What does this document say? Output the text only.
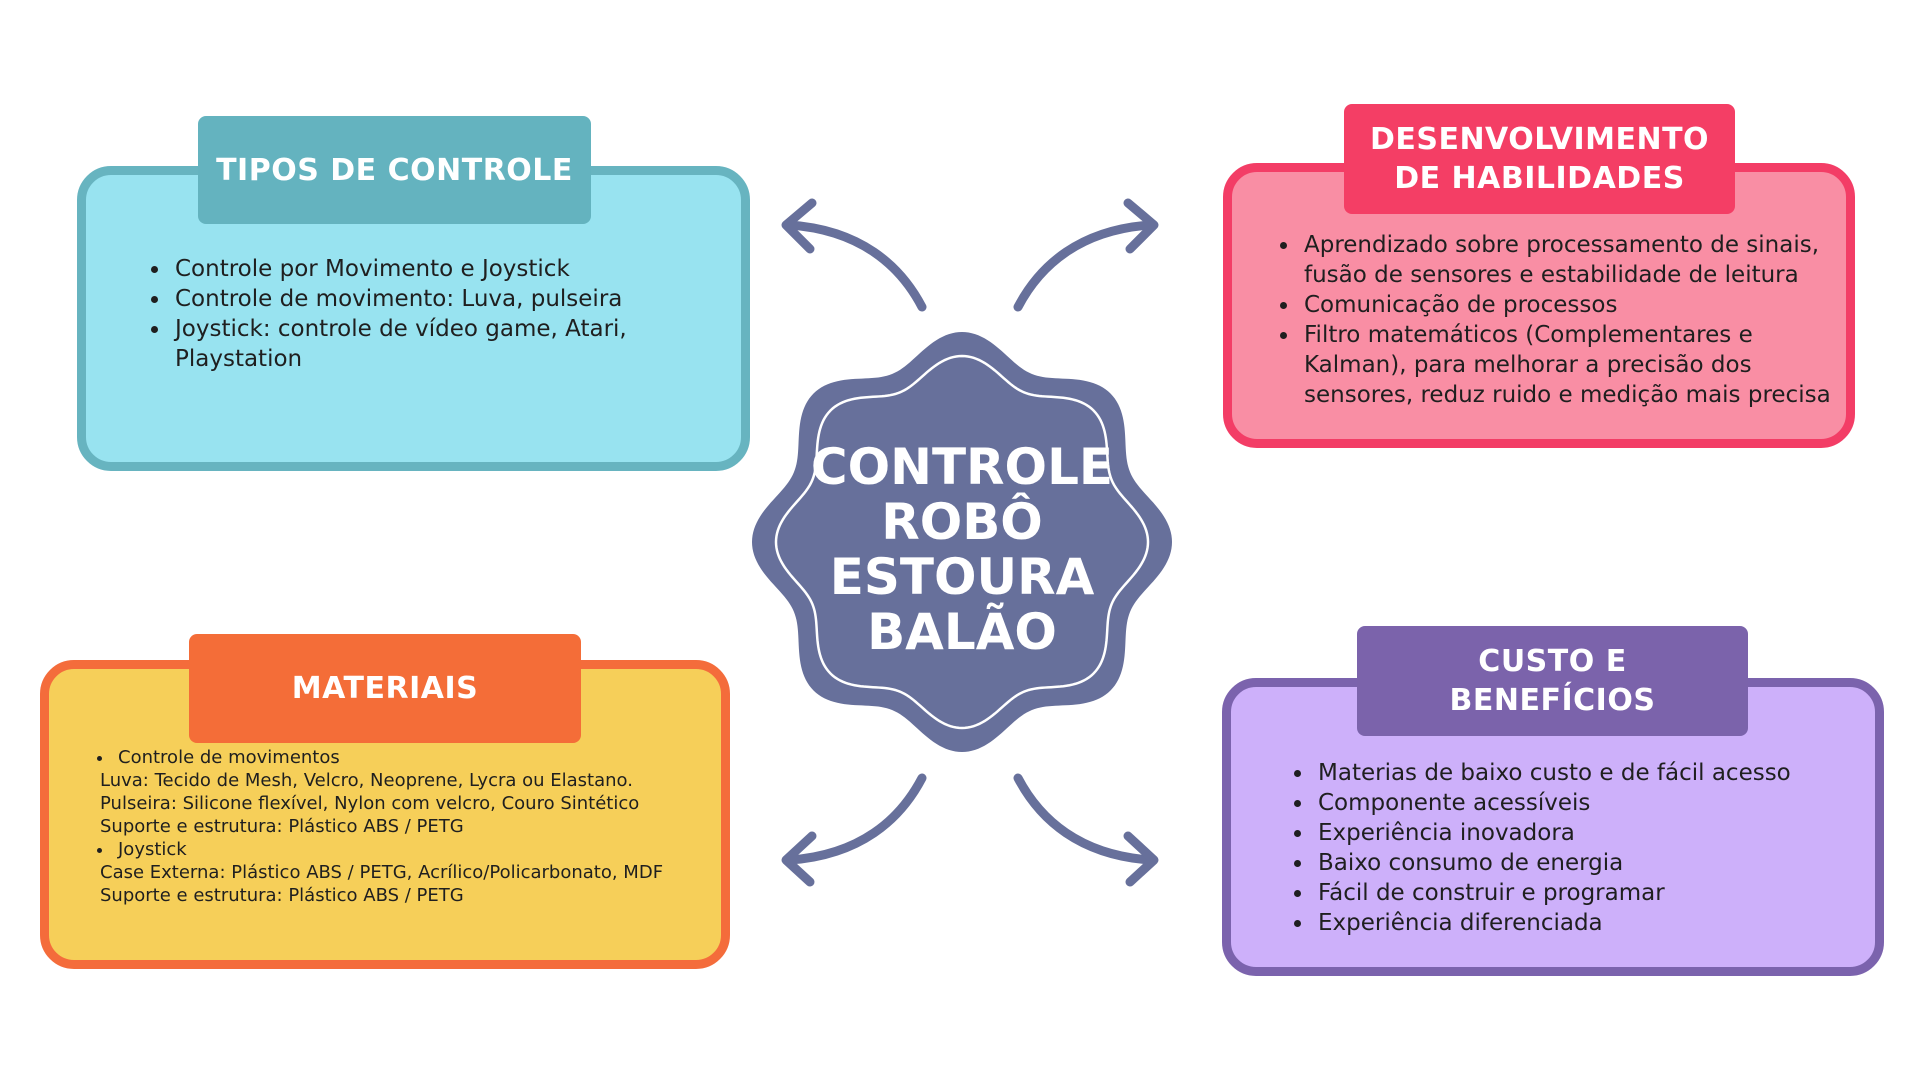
CONTROLE
ROBÔ
ESTOURA
BALÃO
TIPOS DE CONTROLE
• Controle por Movimento e Joystick
• Controle de movimento: Luva, pulseira
• Joystick: controle de vídeo game, Atari, Playstation
DESENVOLVIMENTO
DE HABILIDADES
• Aprendizado sobre processamento de sinais, fusão de sensores e estabilidade de leitura
• Comunicação de processos
• Filtro matemáticos (Complementares e Kalman), para melhorar a precisão dos sensores, reduz ruido e medição mais precisa
MATERIAIS
• Controle de movimentos
Luva: Tecido de Mesh, Velcro, Neoprene, Lycra ou Elastano.
Pulseira: Silicone flexível, Nylon com velcro, Couro Sintético
Suporte e estrutura: Plástico ABS / PETG
• Joystick
Case Externa: Plástico ABS / PETG, Acrílico/Policarbonato, MDF
Suporte e estrutura: Plástico ABS / PETG
CUSTO E
BENEFÍCIOS
• Materias de baixo custo e de fácil acesso
• Componente acessíveis
• Experiência inovadora
• Baixo consumo de energia
• Fácil de construir e programar
• Experiência diferenciada
